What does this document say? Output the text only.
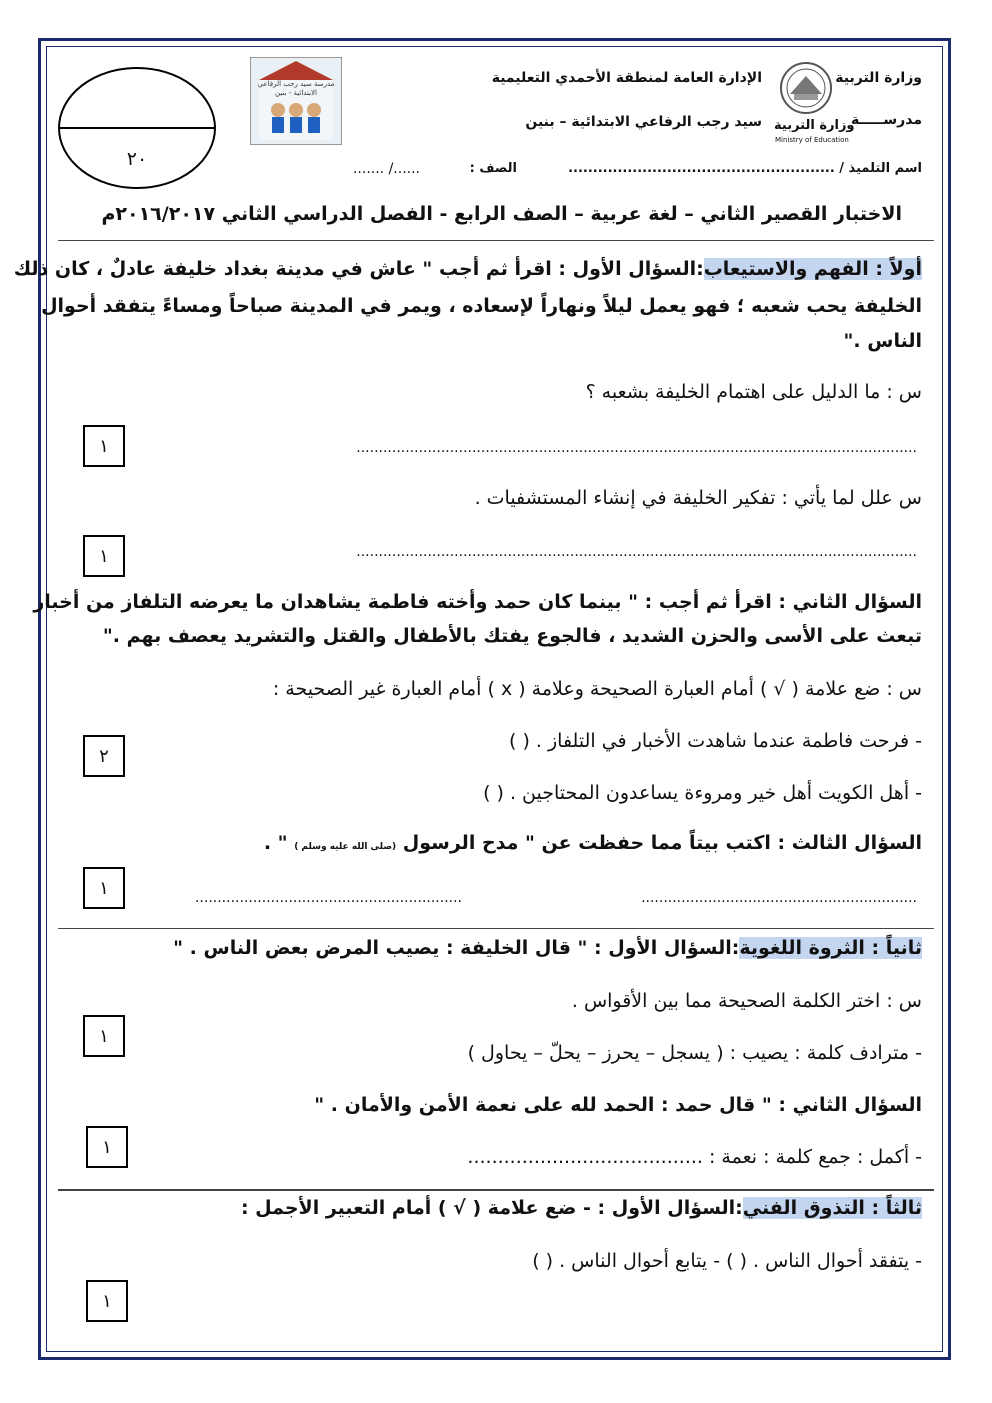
وزارة التربية
مدرســـــة
وزارة التربية
Ministry of Education
الإدارة العامة لمنطقة الأحمدي التعليمية
سيد رجب الرفاعي الابتدائية – بنين
مدرسة سيد رجب الرفاعي الابتدائية - بنين
٢٠	اسم التلميذ / ......................................................
الصف :
....../ .......
الاختبار القصير الثاني – لغة عربية – الصف الرابع - الفصل الدراسي الثاني ٢٠١٦/٢٠١٧م
أولاً : الفهم والاستيعاب:السؤال الأول : اقرأ ثم أجب " عاش في مدينة بغداد خليفة عادلٌ ، كان ذلك
الخليفة يحب شعبه ؛ فهو يعمل ليلاً ونهاراً لإسعاده ، ويمر في المدينة صباحاً ومساءً يتفقد أحوال
الناس ."
س : ما الدليل على اهتمام الخليفة بشعبه ؟
..............................................................................................................................
١
س علل لما يأتي : تفكير الخليفة في إنشاء المستشفيات .
..............................................................................................................................
١
السؤال الثاني : اقرأ ثم أجب : " بينما كان حمد وأخته فاطمة يشاهدان ما يعرضه التلفاز من أخبار
تبعث على الأسى والحزن الشديد ، فالجوع يفتك بالأطفال والقتل والتشريد يعصف بهم ."
س : ضع علامة ( √ ) أمام العبارة الصحيحة وعلامة ( x ) أمام العبارة غير الصحيحة :
- فرحت فاطمة عندما شاهدت الأخبار في التلفاز . ( )
- أهل الكويت أهل خير ومروءة يساعدون المحتاجين . ( )
٢
السؤال الثالث : اكتب بيتاً مما حفظت عن " مدح الرسول (صلى الله عليه وسلم ) " .
..............................................................
............................................................
١
ثانياً : الثروة اللغوية:السؤال الأول : " قال الخليفة : يصيب المرض بعض الناس . "
س : اختر الكلمة الصحيحة مما بين الأقواس .
- مترادف كلمة : يصيب : ( يسجل – يحرز – يحلّ – يحاول )
١
السؤال الثاني : " قال حمد : الحمد لله على نعمة الأمن والأمان . "
- أكمل : جمع كلمة : نعمة : .......................................
١
ثالثاً : التذوق الفني:السؤال الأول : - ضع علامة ( √ ) أمام التعبير الأجمل :
- يتفقد أحوال الناس . ( ) - يتابع أحوال الناس . ( )
١
